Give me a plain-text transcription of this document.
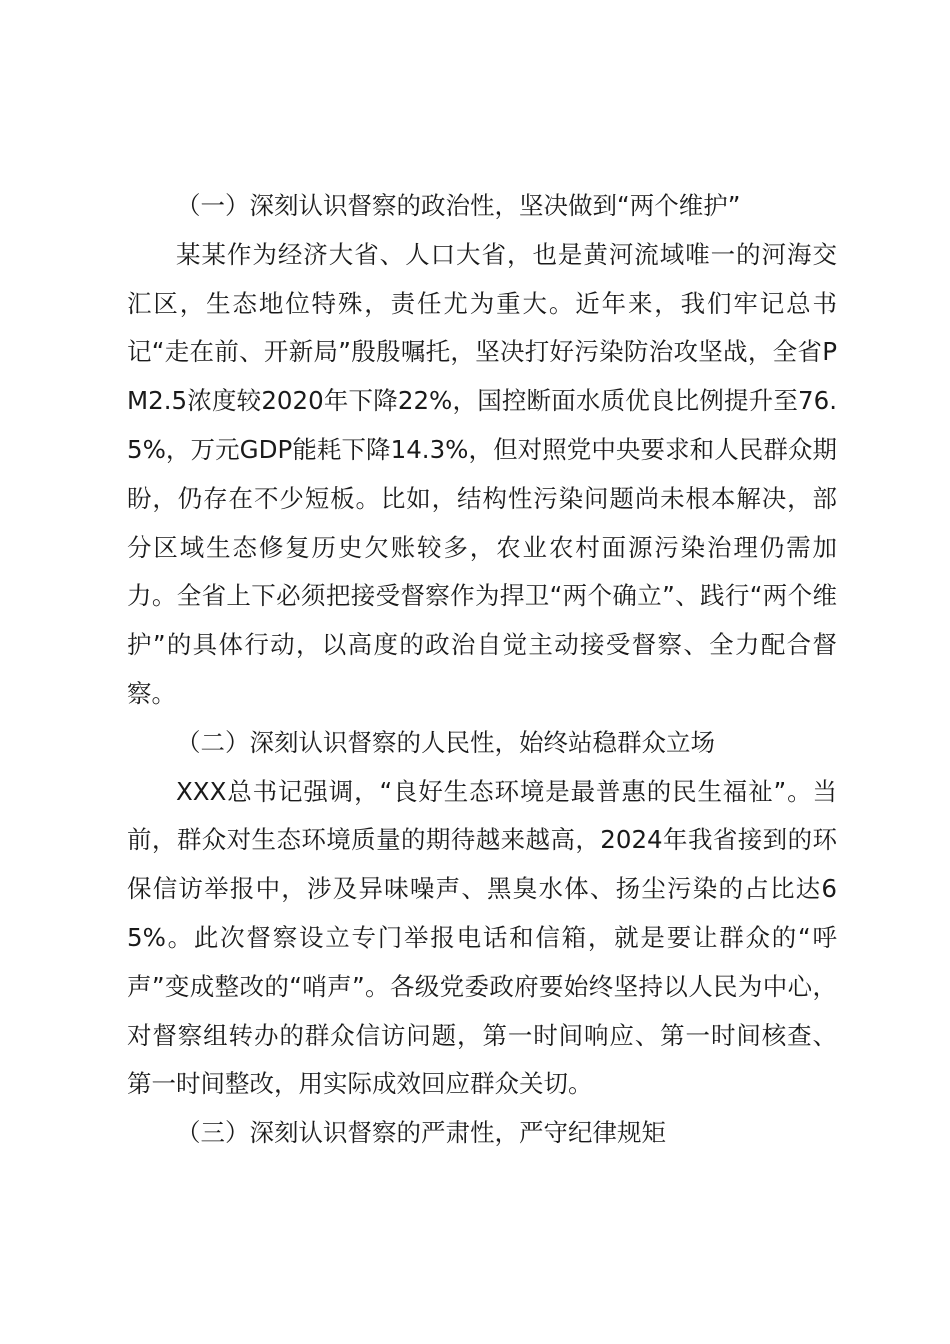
（一）深刻认识督察的政治性，坚决做到“两个维护”

某某作为经济大省、人口大省，也是黄河流域唯一的河海交汇区，生态地位特殊，责任尤为重大。近年来，我们牢记总书记“走在前、开新局”殷殷嘱托，坚决打好污染防治攻坚战，全省PM2.5浓度较2020年下降22%，国控断面水质优良比例提升至76.5%，万元GDP能耗下降14.3%，但对照党中央要求和人民群众期盼，仍存在不少短板。比如，结构性污染问题尚未根本解决，部分区域生态修复历史欠账较多，农业农村面源污染治理仍需加力。全省上下必须把接受督察作为捍卫“两个确立”、践行“两个维护”的具体行动，以高度的政治自觉主动接受督察、全力配合督察。

（二）深刻认识督察的人民性，始终站稳群众立场

XXX总书记强调，“良好生态环境是最普惠的民生福祉”。当前，群众对生态环境质量的期待越来越高，2024年我省接到的环保信访举报中，涉及异味噪声、黑臭水体、扬尘污染的占比达65%。此次督察设立专门举报电话和信箱，就是要让群众的“呼声”变成整改的“哨声”。各级党委政府要始终坚持以人民为中心，对督察组转办的群众信访问题，第一时间响应、第一时间核查、第一时间整改，用实际成效回应群众关切。

（三）深刻认识督察的严肃性，严守纪律规矩
